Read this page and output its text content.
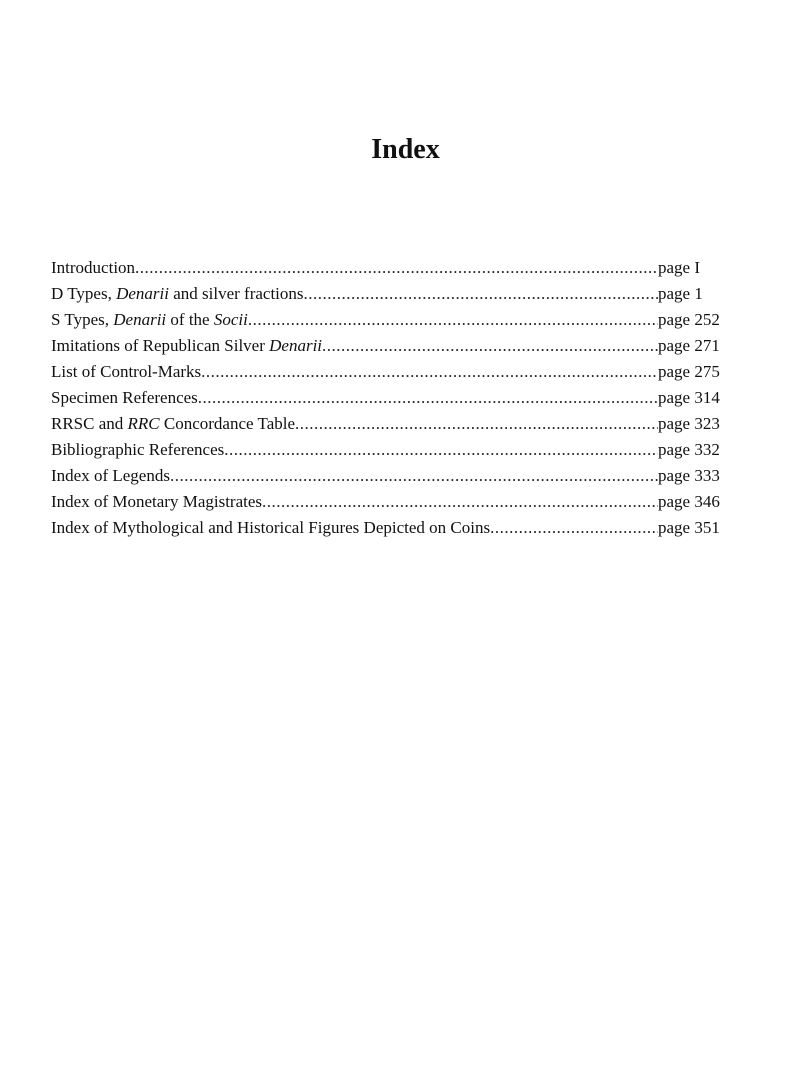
Index
Introduction .....	page I
D Types, Denarii and silver fractions .....	page 1
S Types, Denarii of the Socii .....	page 252
Imitations of Republican Silver Denarii .....	page 271
List of Control-Marks .....	page 275
Specimen References .....	page 314
RRSC and RRC Concordance Table .....	page 323
Bibliographic References .....	page 332
Index of Legends .....	page 333
Index of Monetary Magistrates .....	page 346
Index of Mythological and Historical Figures Depicted on Coins .....	page 351
